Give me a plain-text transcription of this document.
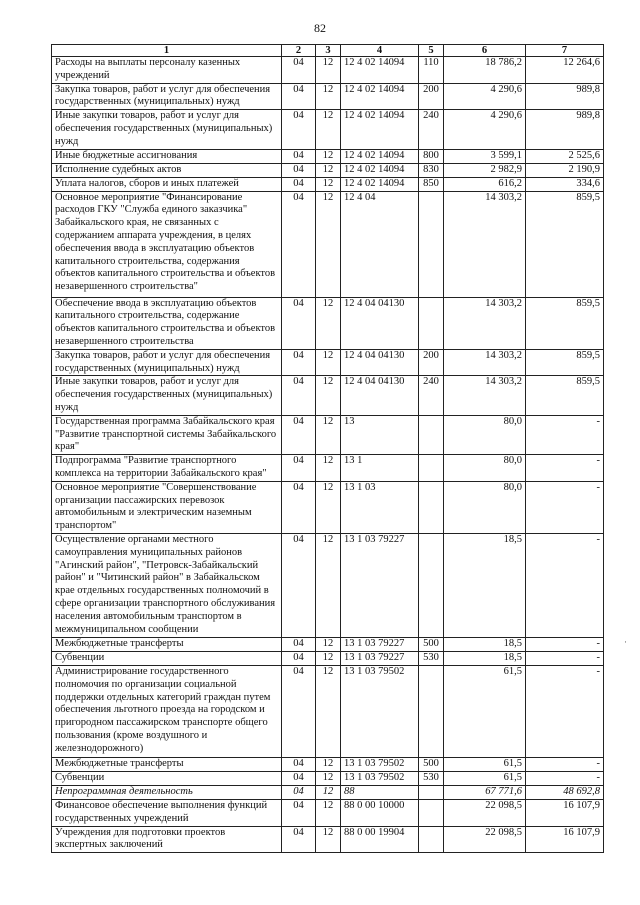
82
1	2	3	4	5	6	7
Расходы на выплаты персоналу казенных учреждений	04	12	12 4 02 14094	110	18 786,2	12 264,6
Закупка товаров, работ и услуг для обеспечения государственных (муниципальных) нужд	04	12	12 4 02 14094	200	4 290,6	989,8
Иные закупки товаров, работ и услуг для обеспечения государственных (муниципальных) нужд	04	12	12 4 02 14094	240	4 290,6	989,8
Иные бюджетные ассигнования	04	12	12 4 02 14094	800	3 599,1	2 525,6
Исполнение судебных актов	04	12	12 4 02 14094	830	2 982,9	2 190,9
Уплата налогов, сборов и иных платежей	04	12	12 4 02 14094	850	616,2	334,6
Основное мероприятие "Финансирование расходов ГКУ "Служба единого заказчика" Забайкальского края, не связанных с содержанием аппарата учреждения, в целях обеспечения ввода в эксплуатацию объектов капитального строительства, содержания объектов капитального строительства и объектов незавершенного строительства"	04	12	12 4 04		14 303,2	859,5
Обеспечение ввода в эксплуатацию объектов капитального строительства, содержание объектов капитального строительства и объектов незавершенного строительства	04	12	12 4 04 04130		14 303,2	859,5
Закупка товаров, работ и услуг для обеспечения государственных (муниципальных) нужд	04	12	12 4 04 04130	200	14 303,2	859,5
Иные закупки товаров, работ и услуг для обеспечения государственных (муниципальных) нужд	04	12	12 4 04 04130	240	14 303,2	859,5
Государственная программа Забайкальского края "Развитие транспортной системы Забайкальского края"	04	12	13		80,0	-
Подпрограмма "Развитие транспортного комплекса на территории Забайкальского края"	04	12	13 1		80,0	-
Основное мероприятие "Совершенствование организации пассажирских перевозок автомобильным и электрическим наземным транспортом"	04	12	13 1 03		80,0	-
Осуществление органами местного самоуправления муниципальных районов "Агинский район", "Петровск-Забайкальский район" и "Читинский район" в Забайкальском крае отдельных государственных полномочий в сфере организации транспортного обслуживания населения автомобильным транспортом в межмуниципальном сообщении	04	12	13 1 03 79227		18,5	-
Межбюджетные трансферты	04	12	13 1 03 79227	500	18,5	-
Субвенции	04	12	13 1 03 79227	530	18,5	-
Администрирование государственного полномочия по организации социальной поддержки отдельных категорий граждан путем обеспечения льготного проезда на городском и пригородном пассажирском транспорте общего пользования (кроме воздушного и железнодорожного)	04	12	13 1 03 79502		61,5	-
Межбюджетные трансферты	04	12	13 1 03 79502	500	61,5	-
Субвенции	04	12	13 1 03 79502	530	61,5	-
Непрограммная деятельность	04	12	88		67 771,6	48 692,8
Финансовое обеспечение выполнения функций государственных учреждений	04	12	88 0 00 10000		22 098,5	16 107,9
Учреждения для подготовки проектов экспертных заключений	04	12	88 0 00 19904		22 098,5	16 107,9
·
